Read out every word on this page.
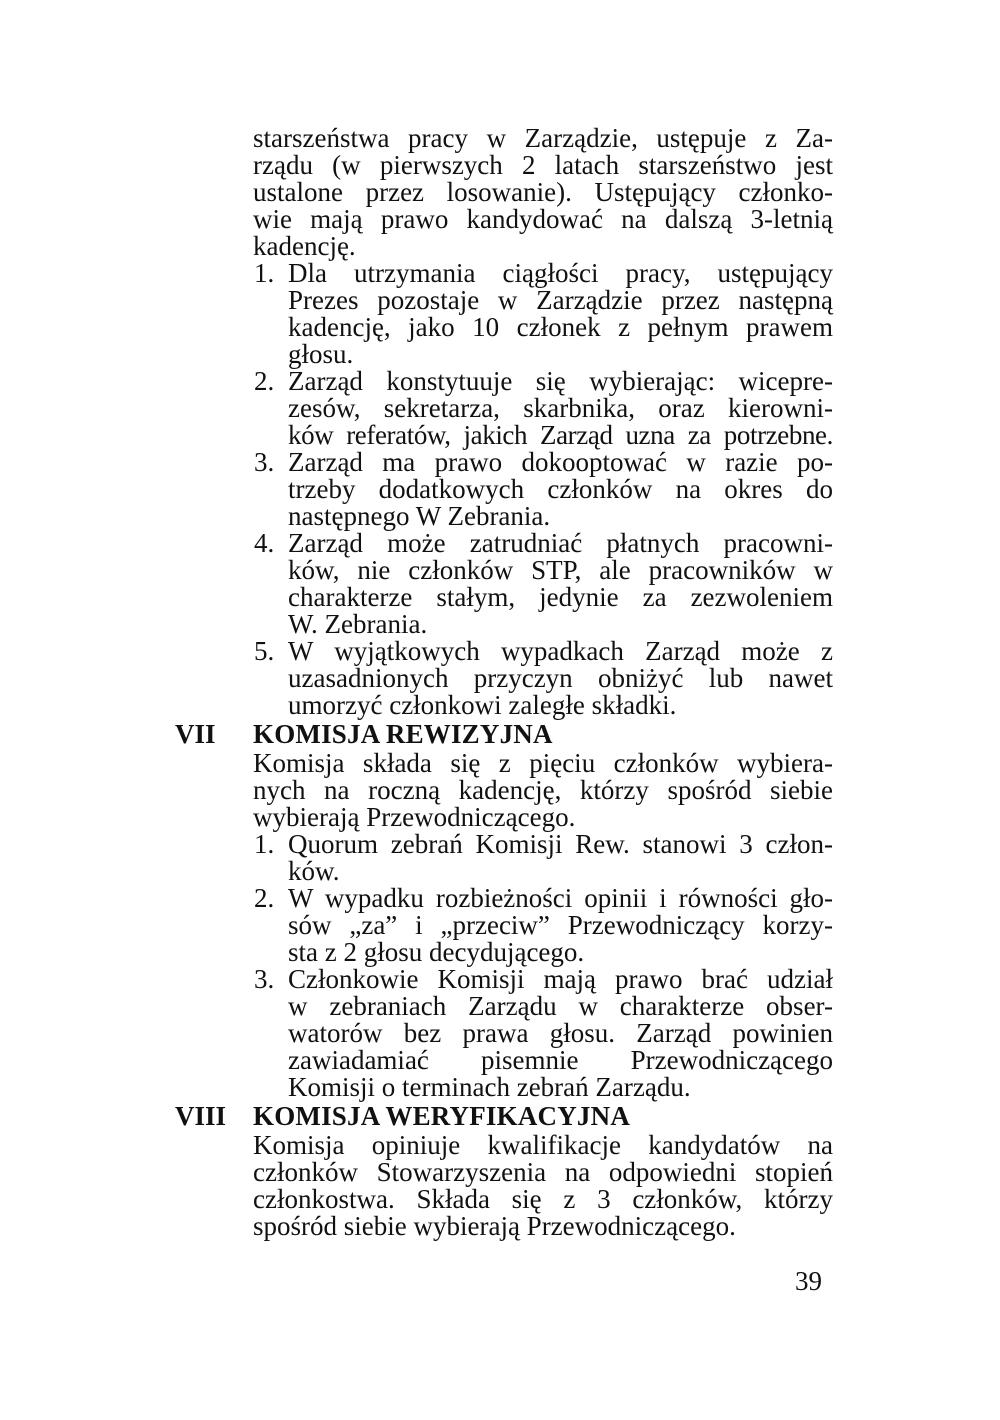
starszeństwa pracy w Zarządzie, ustępuje z Za-
rządu (w pierwszych 2 latach starszeństwo jest
ustalone przez losowanie). Ustępujący członko-
wie mają prawo kandydować na dalszą 3-letnią
kadencję.
1. Dla utrzymania ciągłości pracy, ustępujący
Prezes pozostaje w Zarządzie przez następną
kadencję, jako 10 członek z pełnym prawem
głosu.
2. Zarząd konstytuuje się wybierając: wicepre-
zesów, sekretarza, skarbnika, oraz kierowni-
ków referatów, jakich Zarząd uzna za potrzebne.
3. Zarząd ma prawo dokooptować w razie po-
trzeby dodatkowych członków na okres do
następnego W Zebrania.
4. Zarząd może zatrudniać płatnych pracowni-
ków, nie członków STP, ale pracowników w
charakterze stałym, jedynie za zezwoleniem
W. Zebrania.
5. W wyjątkowych wypadkach Zarząd może z
uzasadnionych przyczyn obniżyć lub nawet
umorzyć członkowi zaległe składki.
VII KOMISJA REWIZYJNA
Komisja składa się z pięciu członków wybiera-
nych na roczną kadencję, którzy spośród siebie
wybierają Przewodniczącego.
1. Quorum zebrań Komisji Rew. stanowi 3 człon-
ków.
2. W wypadku rozbieżności opinii i równości gło-
sów „za” i „przeciw” Przewodniczący korzy-
sta z 2 głosu decydującego.
3. Członkowie Komisji mają prawo brać udział
w zebraniach Zarządu w charakterze obser-
watorów bez prawa głosu. Zarząd powinien
zawiadamiać pisemnie Przewodniczącego
Komisji o terminach zebrań Zarządu.
VIII KOMISJA WERYFIKACYJNA
Komisja opiniuje kwalifikacje kandydatów na
członków Stowarzyszenia na odpowiedni stopień
członkostwa. Składa się z 3 członków, którzy
spośród siebie wybierają Przewodniczącego.
39
